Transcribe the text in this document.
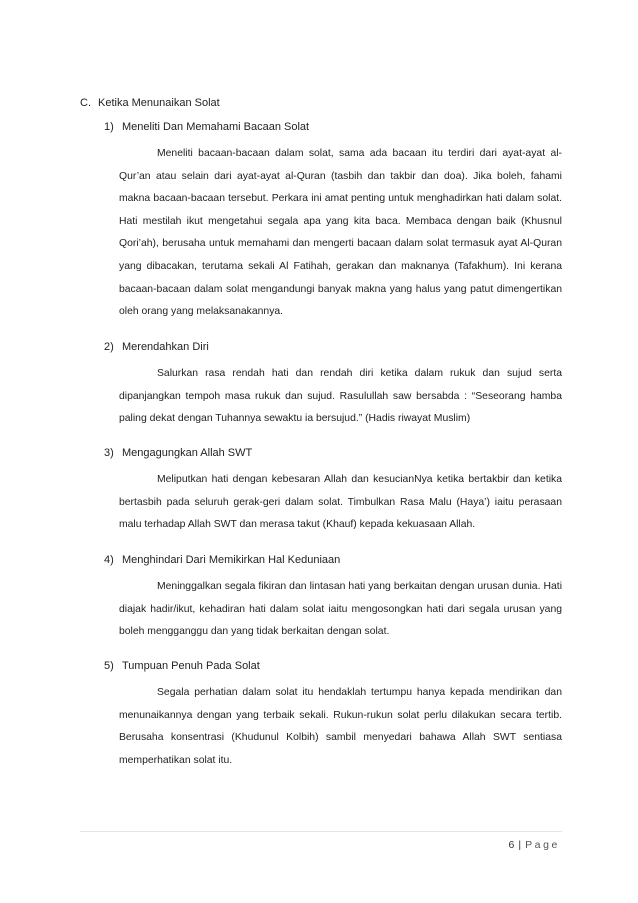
C. Ketika Menunaikan Solat
1) Meneliti Dan Memahami Bacaan Solat
Meneliti bacaan-bacaan dalam solat, sama ada bacaan itu terdiri dari ayat-ayat al-Qur’an atau selain dari ayat-ayat al-Quran (tasbih dan takbir dan doa). Jika boleh, fahami makna bacaan-bacaan tersebut. Perkara ini amat penting untuk menghadirkan hati dalam solat. Hati mestilah ikut mengetahui segala apa yang kita baca. Membaca dengan baik (Khusnul Qori’ah), berusaha untuk memahami dan mengerti bacaan dalam solat termasuk ayat Al-Quran yang dibacakan, terutama sekali Al Fatihah, gerakan dan maknanya (Tafakhum). Ini kerana bacaan-bacaan dalam solat mengandungi banyak makna yang halus yang patut dimengertikan oleh orang yang melaksanakannya.
2) Merendahkan Diri
Salurkan rasa rendah hati dan rendah diri ketika dalam rukuk dan sujud serta dipanjangkan tempoh masa rukuk dan sujud. Rasulullah saw bersabda : “Seseorang hamba paling dekat dengan Tuhannya sewaktu ia bersujud.” (Hadis riwayat Muslim)
3) Mengagungkan Allah SWT
Meliputkan hati dengan kebesaran Allah dan kesucianNya ketika bertakbir dan ketika bertasbih pada seluruh gerak-geri dalam solat. Timbulkan Rasa Malu (Haya’) iaitu perasaan malu terhadap Allah SWT dan merasa takut (Khauf) kepada kekuasaan Allah.
4) Menghindari Dari Memikirkan Hal Keduniaan
Meninggalkan segala fikiran dan lintasan hati yang berkaitan dengan urusan dunia. Hati diajak hadir/ikut, kehadiran hati dalam solat iaitu mengosongkan hati dari segala urusan yang boleh mengganggu dan yang tidak berkaitan dengan solat.
5) Tumpuan Penuh Pada Solat
Segala perhatian dalam solat itu hendaklah tertumpu hanya kepada mendirikan dan menunaikannya dengan yang terbaik sekali. Rukun-rukun solat perlu dilakukan secara tertib. Berusaha konsentrasi (Khudunul Kolbih) sambil menyedari bahawa Allah SWT sentiasa memperhatikan solat itu.
6 | Page
